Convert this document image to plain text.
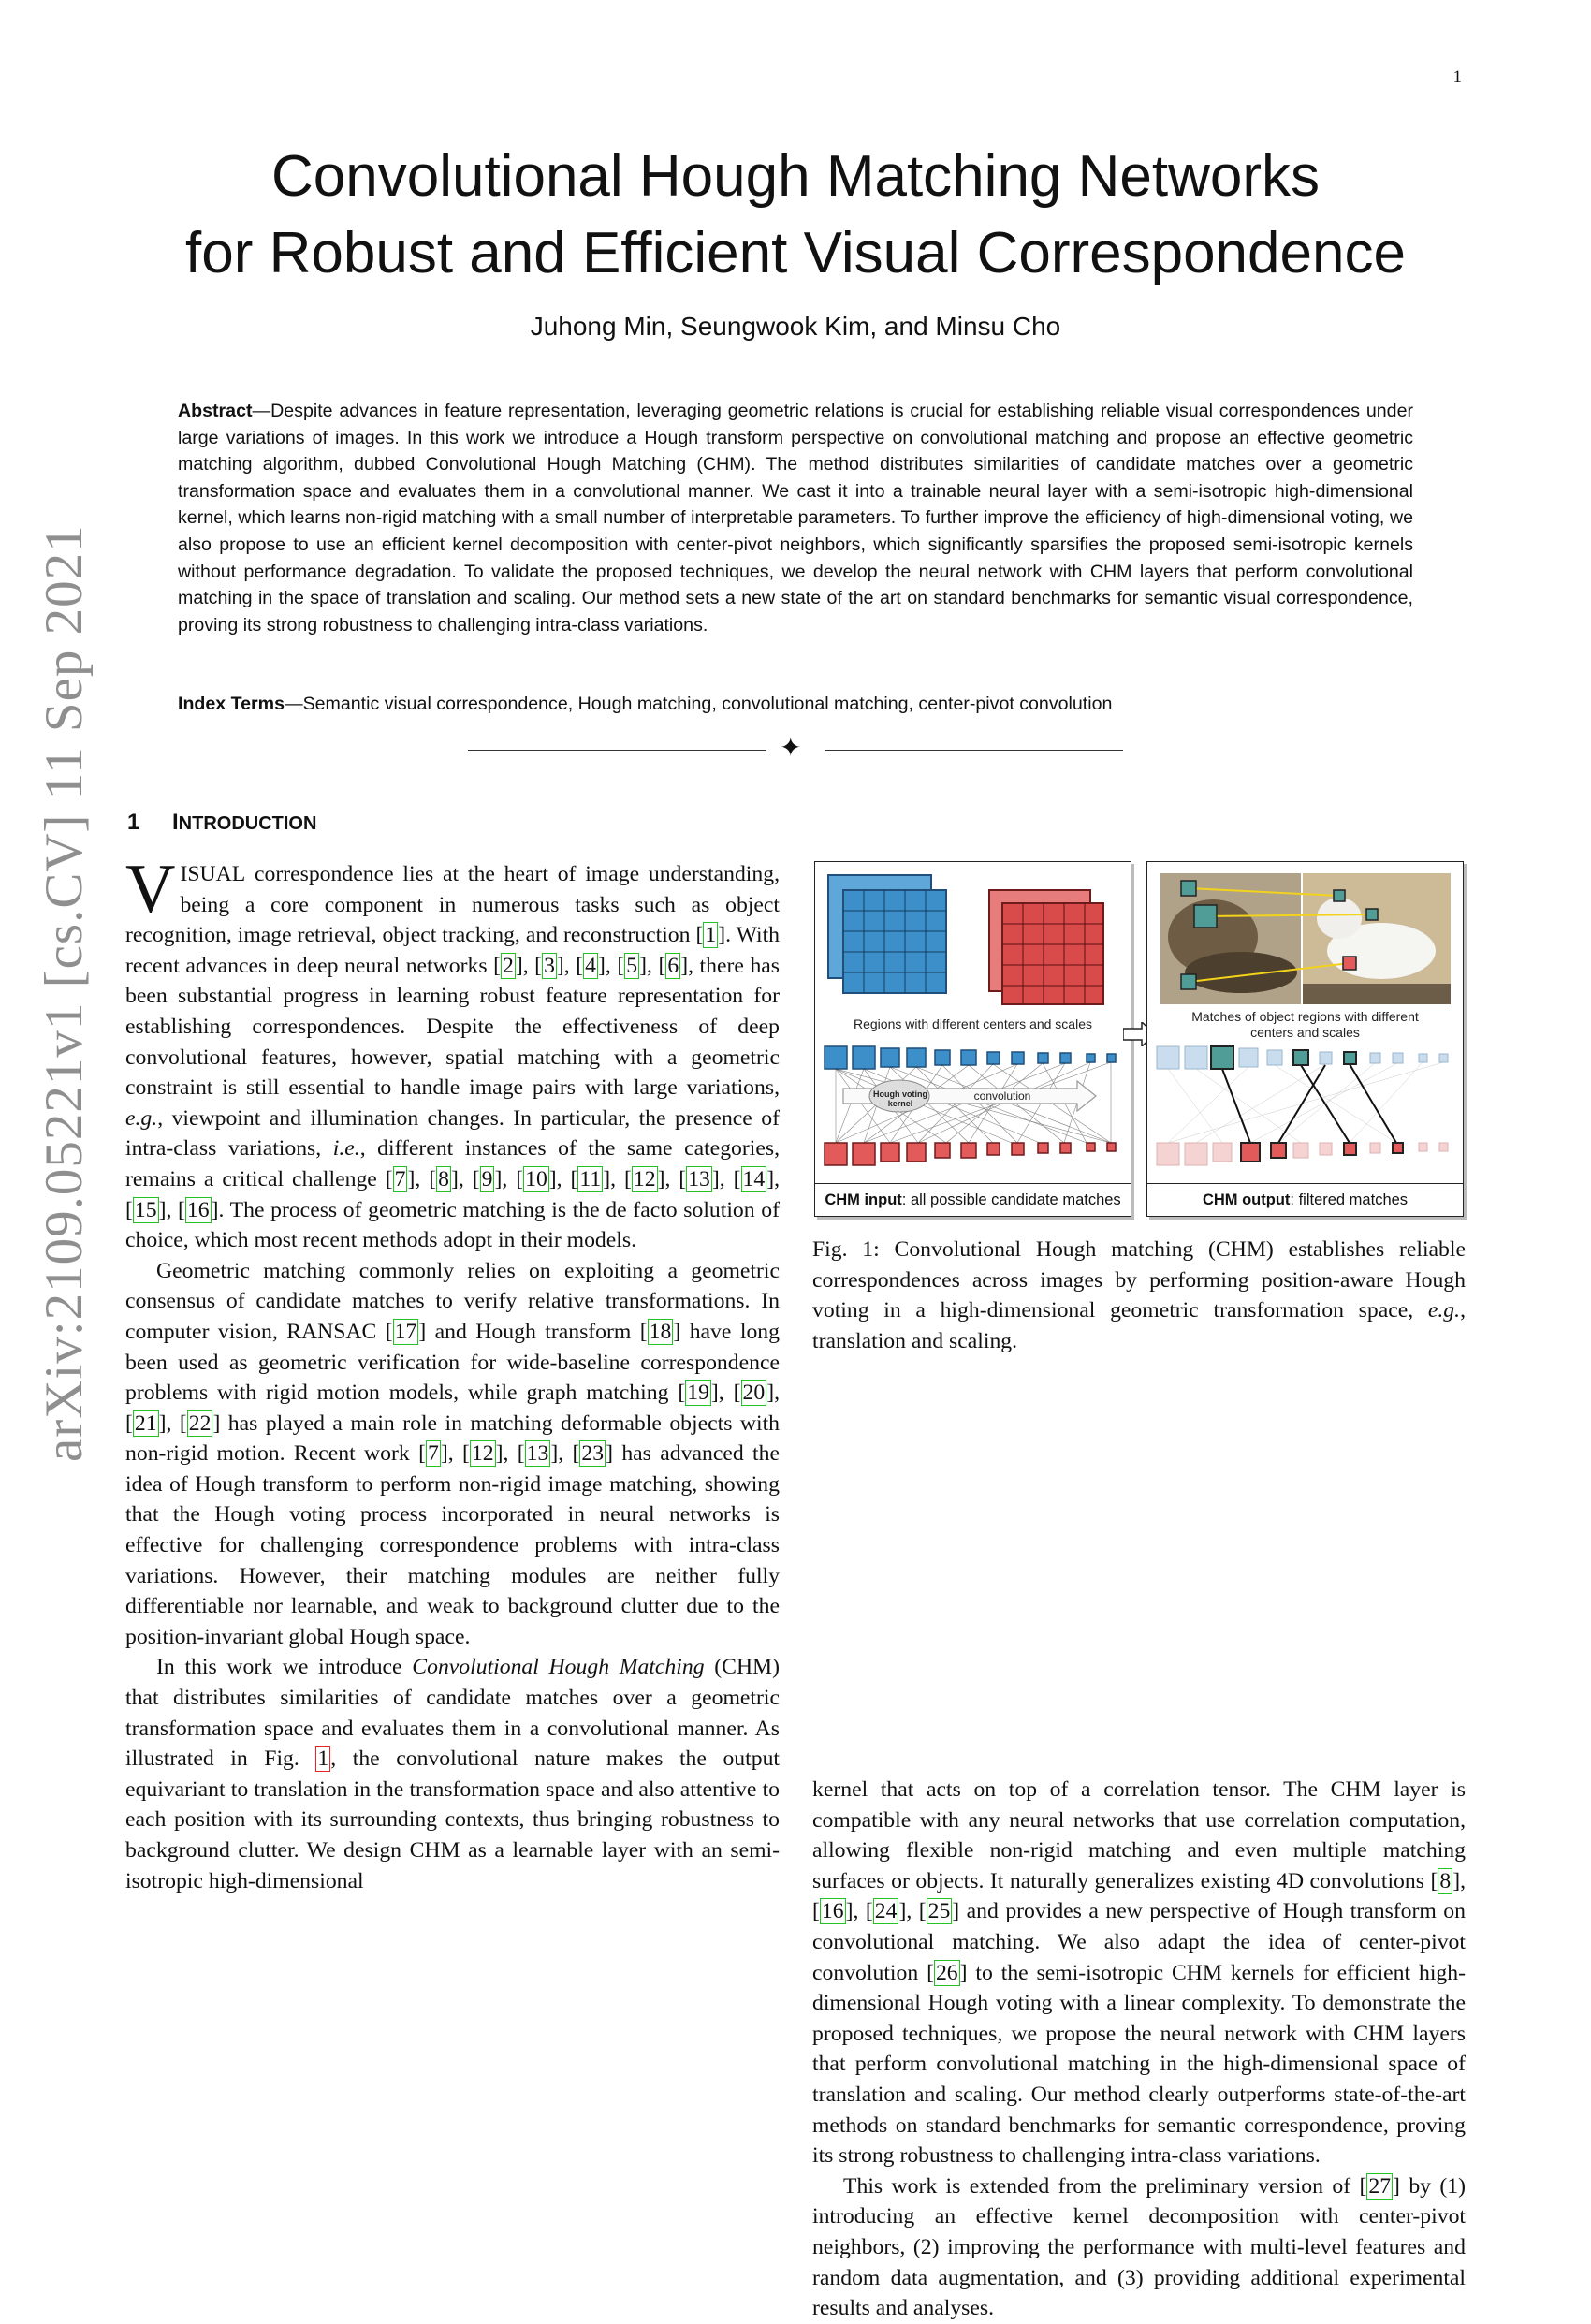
1
arXiv:2109.05221v1 [cs.CV] 11 Sep 2021
Convolutional Hough Matching Networks
for Robust and Efficient Visual Correspondence
Juhong Min, Seungwook Kim, and Minsu Cho

Abstract—Despite advances in feature representation, leveraging geometric relations is crucial for establishing reliable visual correspondences under large variations of images. In this work we introduce a Hough transform perspective on convolutional matching and propose an effective geometric matching algorithm, dubbed Convolutional Hough Matching (CHM). The method distributes similarities of candidate matches over a geometric transformation space and evaluates them in a convolutional manner. We cast it into a trainable neural layer with a semi-isotropic high-dimensional kernel, which learns non-rigid matching with a small number of interpretable parameters. To further improve the efficiency of high-dimensional voting, we also propose to use an efficient kernel decomposition with center-pivot neighbors, which significantly sparsifies the proposed semi-isotropic kernels without performance degradation. To validate the proposed techniques, we develop the neural network with CHM layers that perform convolutional matching in the space of translation and scaling. Our method sets a new state of the art on standard benchmarks for semantic visual correspondence, proving its strong robustness to challenging intra-class variations.

Index Terms—Semantic visual correspondence, Hough matching, convolutional matching, center-pivot convolution

✦
1 INTRODUCTION

VISUAL correspondence lies at the heart of image understanding, being a core component in numerous tasks such as object recognition, image retrieval, object tracking, and reconstruction [1]. With recent advances in deep neural networks [2], [3], [4], [5], [6], there has been substantial progress in learning robust feature representation for establishing correspondences. Despite the effectiveness of deep convolutional features, however, spatial matching with a geometric constraint is still essential to handle image pairs with large variations, e.g., viewpoint and illumination changes. In particular, the presence of intra-class variations, i.e., different instances of the same categories, remains a critical challenge [7], [8], [9], [10], [11], [12], [13], [14], [15], [16]. The process of geometric matching is the de facto solution of choice, which most recent methods adopt in their models.

Geometric matching commonly relies on exploiting a geometric consensus of candidate matches to verify relative transformations. In computer vision, RANSAC [17] and Hough transform [18] have long been used as geometric verification for wide-baseline correspondence problems with rigid motion models, while graph matching [19], [20], [21], [22] has played a main role in matching deformable objects with non-rigid motion. Recent work [7], [12], [13], [23] has advanced the idea of Hough transform to perform non-rigid image matching, showing that the Hough voting process incorporated in neural networks is effective for challenging correspondence problems with intra-class variations. However, their matching modules are neither fully differentiable nor learnable, and weak to background clutter due to the position-invariant global Hough space.

In this work we introduce Convolutional Hough Matching (CHM) that distributes similarities of candidate matches over a geometric transformation space and evaluates them in a convolutional manner. As illustrated in Fig. 1, the convolutional nature makes the output equivariant to translation in the transformation space and also attentive to each position with its surrounding contexts, thus bringing robustness to background clutter. We design CHM as a learnable layer with an semi-isotropic high-dimensional

Regions with different centers and scales
Hough voting kernel
convolution
CHM input: all possible candidate matches
Matches of object regions with different centers and scales
CHM output: filtered matches

Fig. 1: Convolutional Hough matching (CHM) establishes reliable correspondences across images by performing position-aware Hough voting in a high-dimensional geometric transformation space, e.g., translation and scaling.

kernel that acts on top of a correlation tensor. The CHM layer is compatible with any neural networks that use correlation computation, allowing flexible non-rigid matching and even multiple matching surfaces or objects. It naturally generalizes existing 4D convolutions [8], [16], [24], [25] and provides a new perspective of Hough transform on convolutional matching. We also adapt the idea of center-pivot convolution [26] to the semi-isotropic CHM kernels for efficient high-dimensional Hough voting with a linear complexity. To demonstrate the proposed techniques, we propose the neural network with CHM layers that perform convolutional matching in the high-dimensional space of translation and scaling. Our method clearly outperforms state-of-the-art methods on standard benchmarks for semantic correspondence, proving its strong robustness to challenging intra-class variations.

This work is extended from the preliminary version of [27] by (1) introducing an effective kernel decomposition with center-pivot neighbors, (2) improving the performance with multi-level features and random data augmentation, and (3) providing additional experimental results and analyses.
